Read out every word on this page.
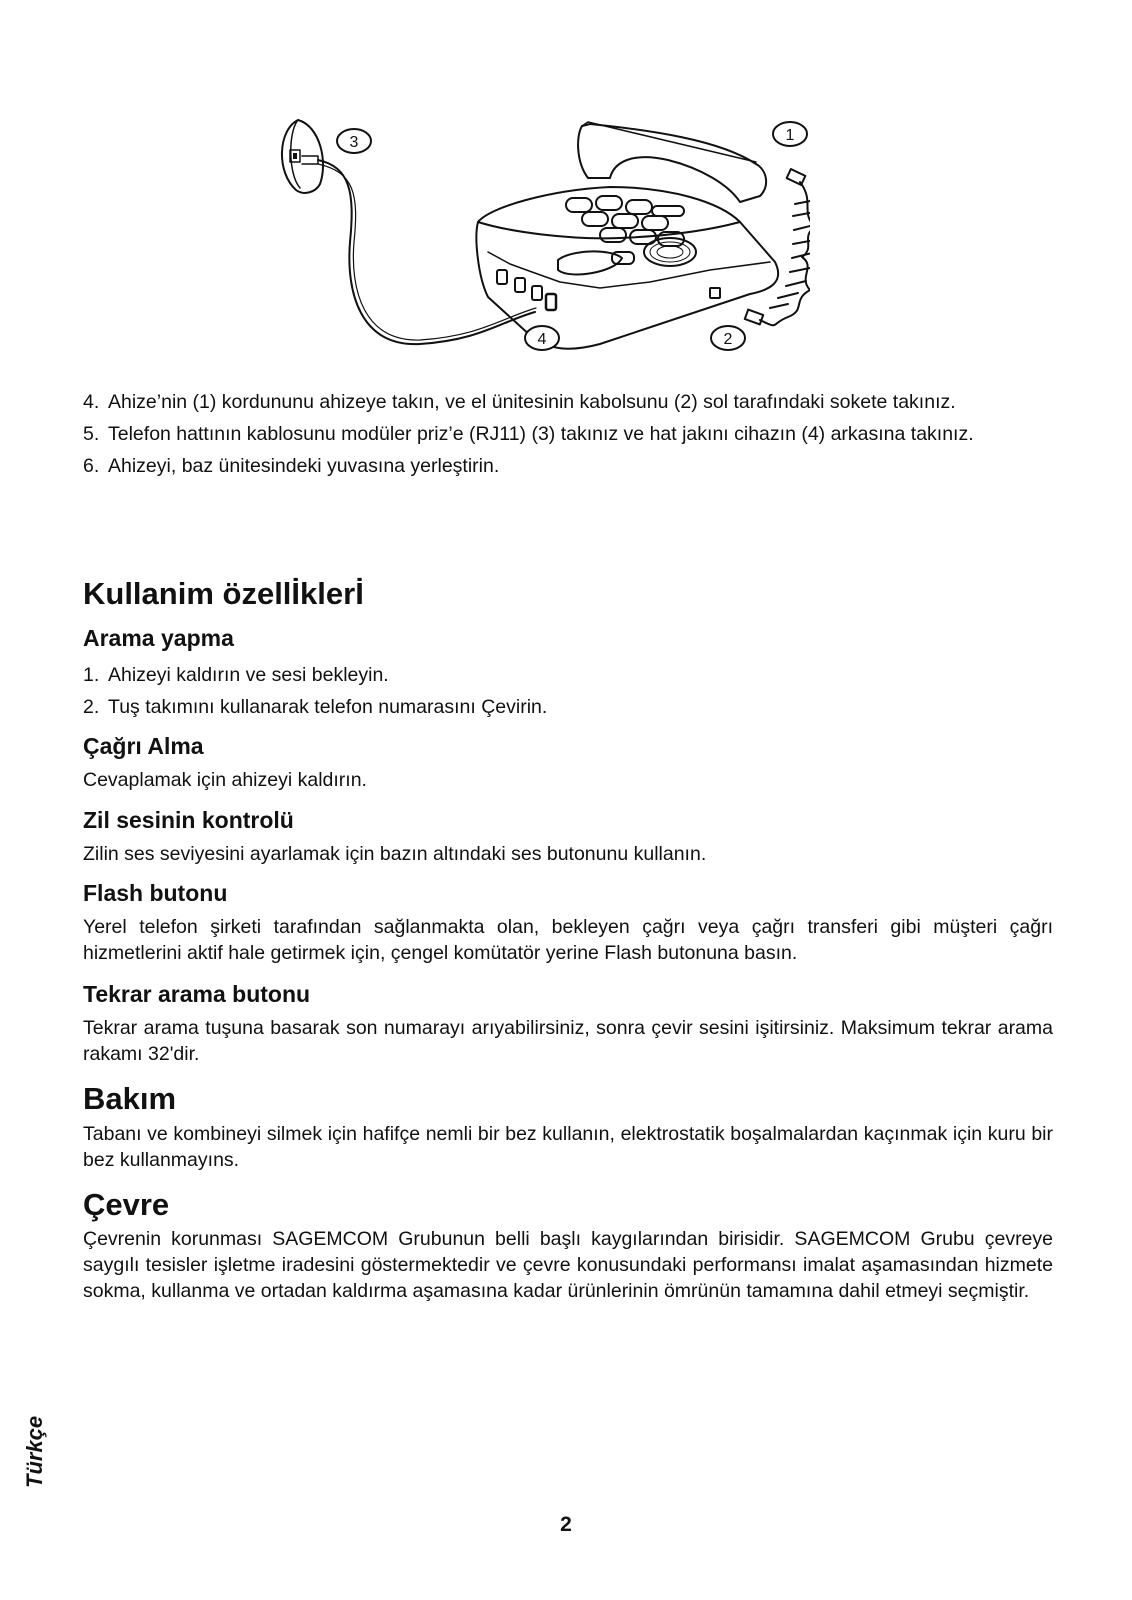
1
2
3
4
4. Ahize’nin (1) kordununu ahizeye takın, ve el ünitesinin kabolsunu (2) sol tarafındaki sokete takınız.
5. Telefon hattının kablosunu modüler priz’e (RJ11) (3) takınız ve hat jakını cihazın (4) arkasına takınız.
6. Ahizeyi, baz ünitesindeki yuvasına yerleştirin.
Kullanim özellİklerİ
Arama yapma
1. Ahizeyi kaldırın ve sesi bekleyin.
2. Tuş takımını kullanarak telefon numarasını Çevirin.
Çağrı Alma

Cevaplamak için ahizeyi kaldırın.

Zil sesinin kontrolü

Zilin ses seviyesini ayarlamak için bazın altındaki ses butonunu kullanın.

Flash butonu

Yerel telefon şirketi tarafından sağlanmakta olan, bekleyen çağrı veya çağrı transferi gibi müşteri çağrı hizmetlerini aktif hale getirmek için, çengel komütatör yerine Flash butonuna basın.

Tekrar arama butonu

Tekrar arama tuşuna basarak son numarayı arıyabilirsiniz, sonra çevir sesini işitirsiniz. Maksimum tekrar arama rakamı 32'dir.

Bakım

Tabanı ve kombineyi silmek için hafifçe nemli bir bez kullanın, elektrostatik boşalmalardan kaçınmak için kuru bir bez kullanmayıns.

Çevre

Çevrenin korunması SAGEMCOM Grubunun belli başlı kaygılarından birisidir. SAGEMCOM Grubu çevreye saygılı tesisler işletme iradesini göstermektedir ve çevre konusundaki performansı imalat aşamasından hizmete sokma, kullanma ve ortadan kaldırma aşamasına kadar ürünlerinin ömrünün tamamına dahil etmeyi seçmiştir.

Türkçe
2
